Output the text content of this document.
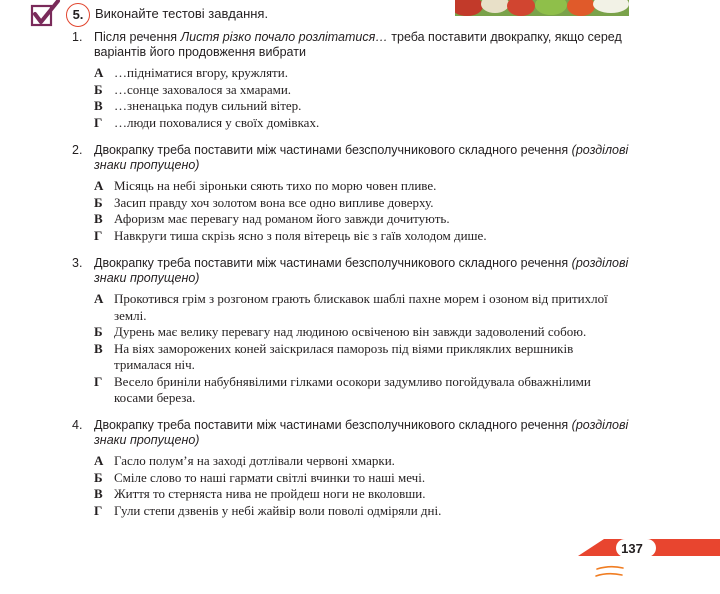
5. Виконайте тестові завдання.
1. Після речення Листя різко почало розлітатися… треба поставити двокрапку, якщо серед варіантів його продовження вибрати
А …підніматися вгору, кружляти.
Б …сонце заховалося за хмарами.
В …зненацька подув сильний вітер.
Г …люди поховалися у своїх домівках.
2. Двокрапку треба поставити між частинами безсполучникового складного речення (розділові знаки пропущено)
А Місяць на небі зіроньки сяють тихо по морю човен пливе.
Б Засип правду хоч золотом вона все одно випливе доверху.
В Афоризм має перевагу над романом його завжди дочитують.
Г Навкруги тиша скрізь ясно з поля вітерець віє з гаїв холодом дише.
3. Двокрапку треба поставити між частинами безсполучникового складного речення (розділові знаки пропущено)
А Прокотився грім з розгоном грають блискавок шаблі пахне морем і озоном від притихлої землі.
Б Дурень має велику перевагу над людиною освіченою він завжди задоволений собою.
В На віях заморожених коней заіскрилася паморозь під віями прикляклих вершників трималася ніч.
Г Весело бриніли набубнявілими гілками осокори задумливо погойдувала обважнілими косами береза.
4. Двокрапку треба поставити між частинами безсполучникового складного речення (розділові знаки пропущено)
А Гасло полум’я на заході дотлівали червоні хмарки.
Б Сміле слово то наші гармати світлі вчинки то наші мечі.
В Життя то стерняста нива не пройдеш ноги не вколовши.
Г Гули степи дзвенів у небі жайвір воли поволі одміряли дні.
137
